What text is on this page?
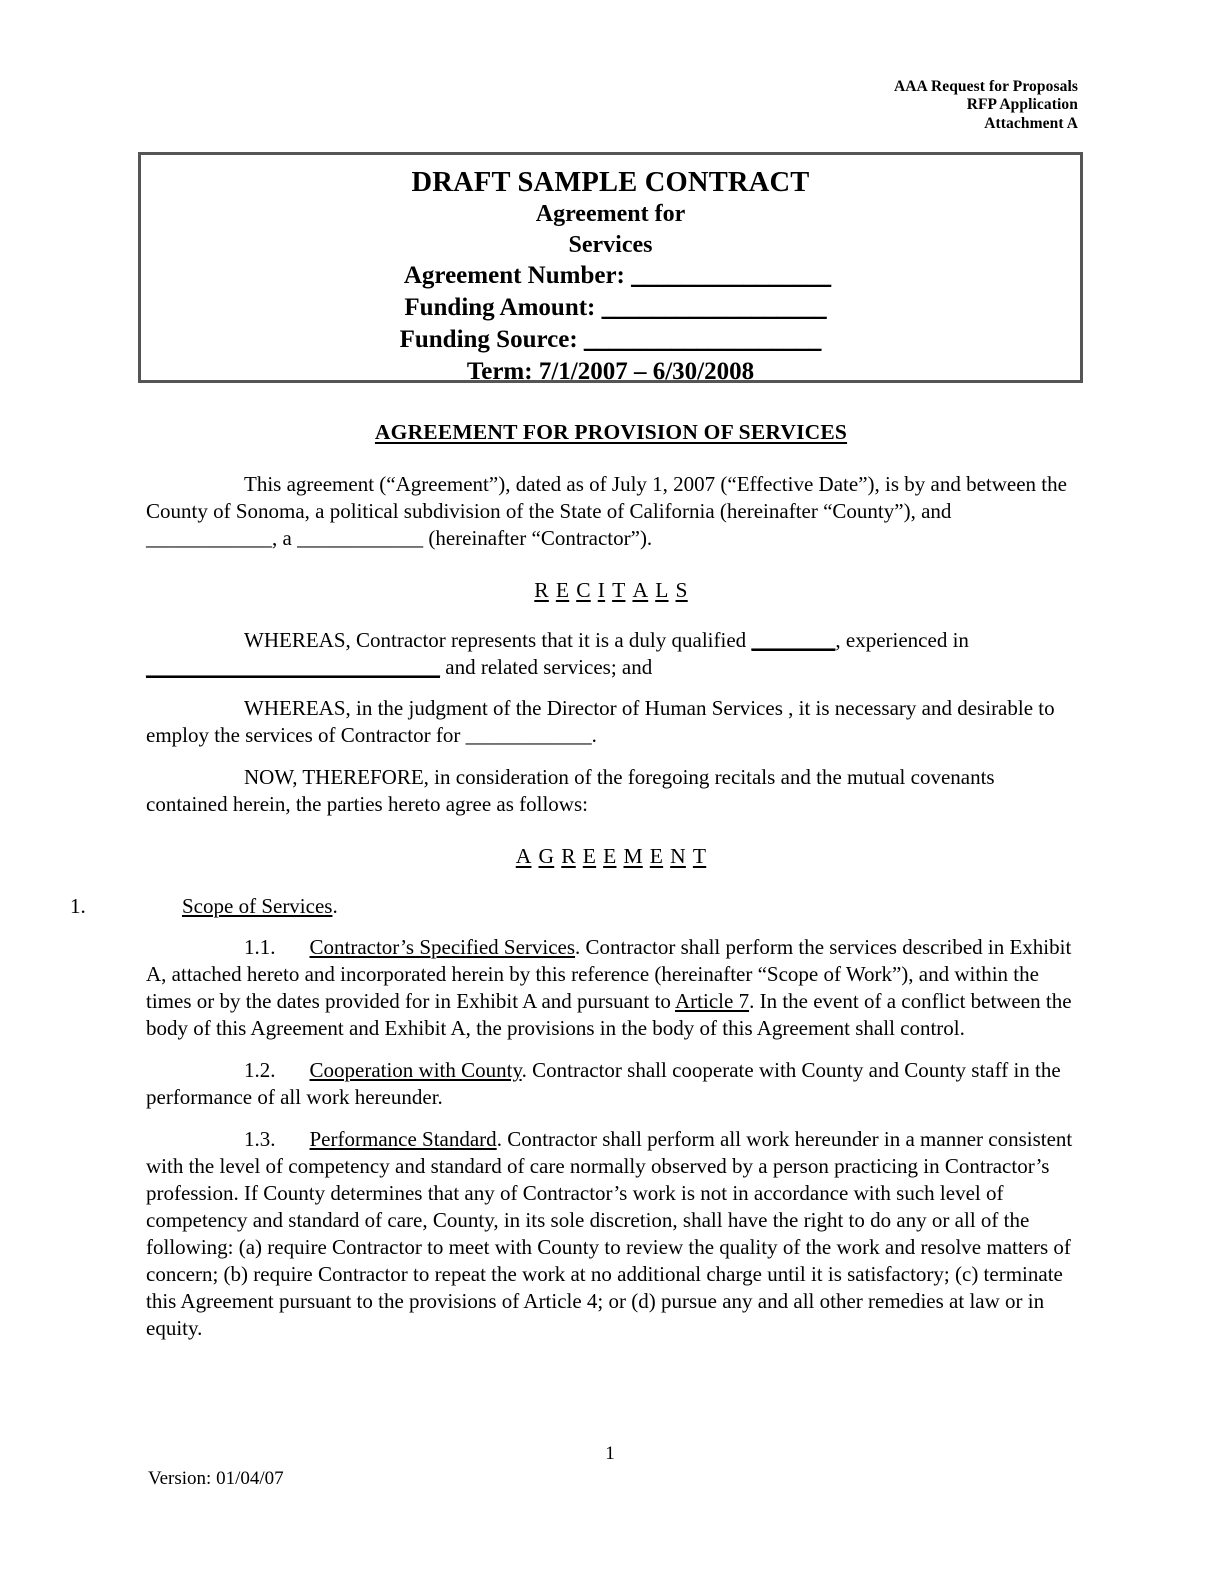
AAA Request for Proposals
RFP Application
Attachment A
DRAFT SAMPLE CONTRACT
Agreement for
Services
Agreement Number: ________________
Funding Amount: __________________
Funding Source: ___________________
Term: 7/1/2007 – 6/30/2008
AGREEMENT FOR PROVISION OF SERVICES

This agreement (“Agreement”), dated as of July 1, 2007 (“Effective Date”), is by and between the County of Sonoma, a political subdivision of the State of California (hereinafter “County”), and ____________, a ____________ (hereinafter “Contractor”).

R E C I T A L S

WHEREAS, Contractor represents that it is a duly qualified ________, experienced in
____________________________ and related services; and

WHEREAS, in the judgment of the Director of Human Services , it is necessary and desirable to employ the services of Contractor for ____________.

NOW, THEREFORE, in consideration of the foregoing recitals and the mutual covenants contained herein, the parties hereto agree as follows:

A G R E E M E N T
1.	Scope of Services.

1.1. Contractor’s Specified Services. Contractor shall perform the services described in Exhibit A, attached hereto and incorporated herein by this reference (hereinafter “Scope of Work”), and within the times or by the dates provided for in Exhibit A and pursuant to Article 7. In the event of a conflict between the body of this Agreement and Exhibit A, the provisions in the body of this Agreement shall control.

1.2. Cooperation with County. Contractor shall cooperate with County and County staff in the performance of all work hereunder.

1.3. Performance Standard. Contractor shall perform all work hereunder in a manner consistent with the level of competency and standard of care normally observed by a person practicing in Contractor’s profession. If County determines that any of Contractor’s work is not in accordance with such level of competency and standard of care, County, in its sole discretion, shall have the right to do any or all of the following: (a) require Contractor to meet with County to review the quality of the work and resolve matters of concern; (b) require Contractor to repeat the work at no additional charge until it is satisfactory; (c) terminate this Agreement pursuant to the provisions of Article 4; or (d) pursue any and all other remedies at law or in equity.

1
Version: 01/04/07
